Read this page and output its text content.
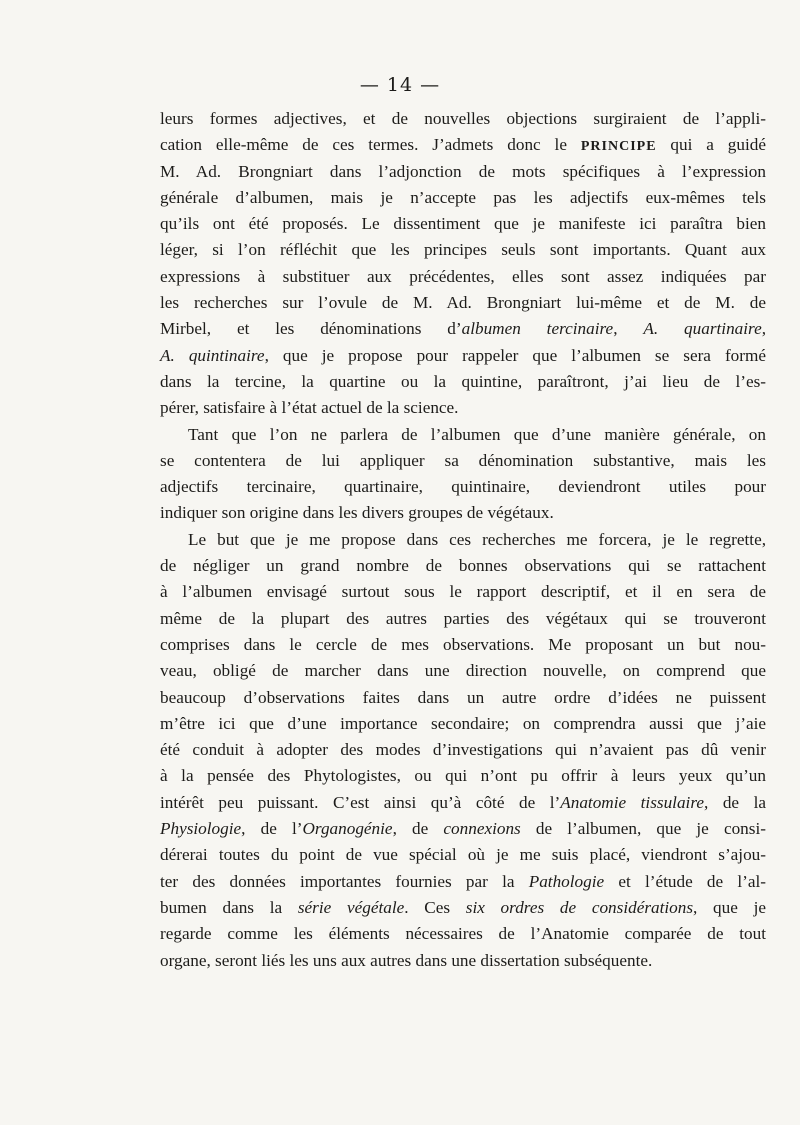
— 14 —
leurs formes adjectives, et de nouvelles objections surgiraient de l’appli-
cation elle-même de ces termes. J’admets donc le PRINCIPE qui a guidé
M. Ad. Brongniart dans l’adjonction de mots spécifiques à l’expression
générale d’albumen, mais je n’accepte pas les adjectifs eux-mêmes tels
qu’ils ont été proposés. Le dissentiment que je manifeste ici paraîtra bien
léger, si l’on réfléchit que les principes seuls sont importants. Quant aux
expressions à substituer aux précédentes, elles sont assez indiquées par
les recherches sur l’ovule de M. Ad. Brongniart lui-même et de M. de
Mirbel, et les dénominations d’albumen tercinaire, A. quartinaire,
A. quintinaire, que je propose pour rappeler que l’albumen se sera formé
dans la tercine, la quartine ou la quintine, paraîtront, j’ai lieu de l’es-
pérer, satisfaire à l’état actuel de la science.
Tant que l’on ne parlera de l’albumen que d’une manière générale, on
se contentera de lui appliquer sa dénomination substantive, mais les
adjectifs tercinaire, quartinaire, quintinaire, deviendront utiles pour
indiquer son origine dans les divers groupes de végétaux.
Le but que je me propose dans ces recherches me forcera, je le regrette,
de négliger un grand nombre de bonnes observations qui se rattachent
à l’albumen envisagé surtout sous le rapport descriptif, et il en sera de
même de la plupart des autres parties des végétaux qui se trouveront
comprises dans le cercle de mes observations. Me proposant un but nou-
veau, obligé de marcher dans une direction nouvelle, on comprend que
beaucoup d’observations faites dans un autre ordre d’idées ne puissent
m’être ici que d’une importance secondaire; on comprendra aussi que j’aie
été conduit à adopter des modes d’investigations qui n’avaient pas dû venir
à la pensée des Phytologistes, ou qui n’ont pu offrir à leurs yeux qu’un
intérêt peu puissant. C’est ainsi qu’à côté de l’Anatomie tissulaire, de la
Physiologie, de l’Organogénie, de connexions de l’albumen, que je consi-
dérerai toutes du point de vue spécial où je me suis placé, viendront s’ajou-
ter des données importantes fournies par la Pathologie et l’étude de l’al-
bumen dans la série végétale. Ces six ordres de considérations, que je
regarde comme les éléments nécessaires de l’Anatomie comparée de tout
organe, seront liés les uns aux autres dans une dissertation subséquente.
